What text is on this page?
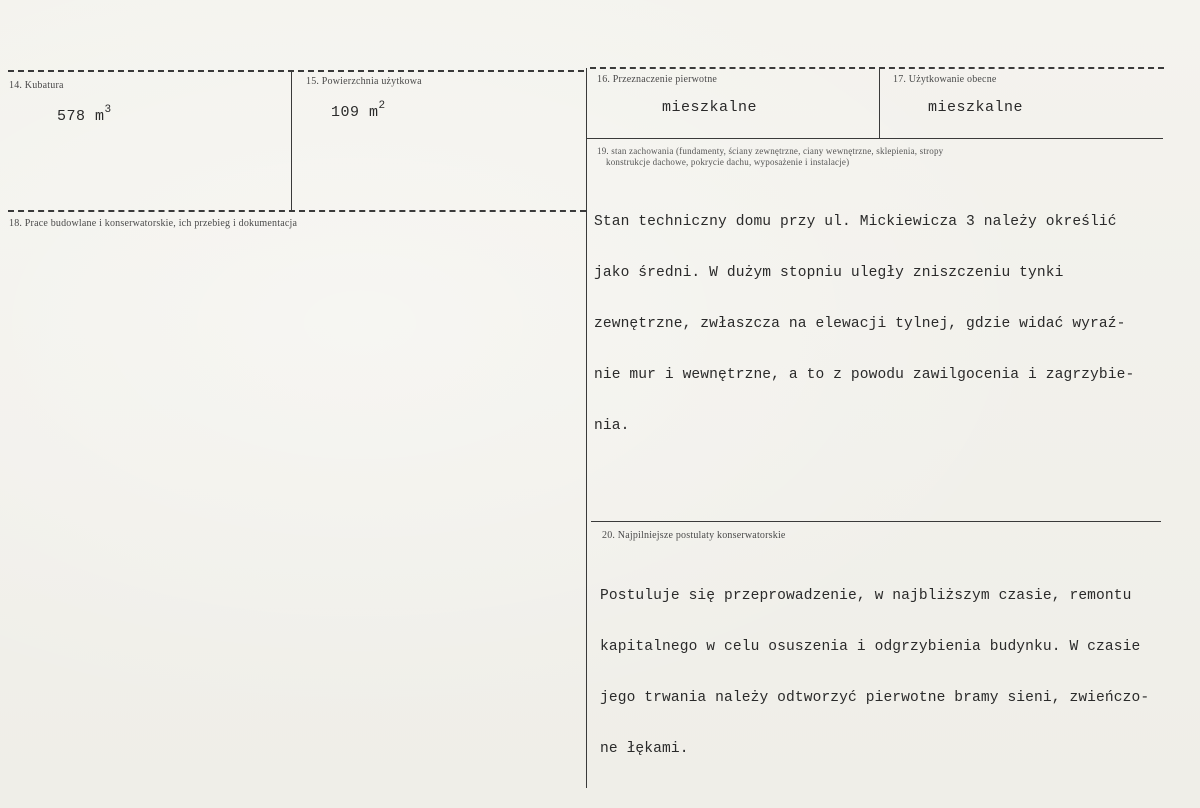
14. Kubatura
578 $m^3$
15. Powierzchnia użytkowa
109 $m^2$
16. Przeznaczenie pierwotne
mieszkalne
17. Użytkowanie obecne
mieszkalne
18. Prace budowlane i konserwatorskie, ich przebieg i dokumentacja
19. stan zachowania (fundamenty, ściany zewnętrzne, ciany wewnętrzne, sklepienia, stropy
konstrukcje dachowe, pokrycie dachu, wyposażenie i instalacje)

Stan techniczny domu przy ul. Mickiewicza 3 należy określić

jako średni. W dużym stopniu uległy zniszczeniu tynki

zewnętrzne, zwłaszcza na elewacji tylnej, gdzie widać wyraź-

nie mur i wewnętrzne, a to z powodu zawilgocenia i zagrzybie-

nia.

20. Najpilniejsze postulaty konserwatorskie

Postuluje się przeprowadzenie, w najbliższym czasie, remontu

kapitalnego w celu osuszenia i odgrzybienia budynku. W czasie

jego trwania należy odtworzyć pierwotne bramy sieni, zwieńczo-

ne łękami.
